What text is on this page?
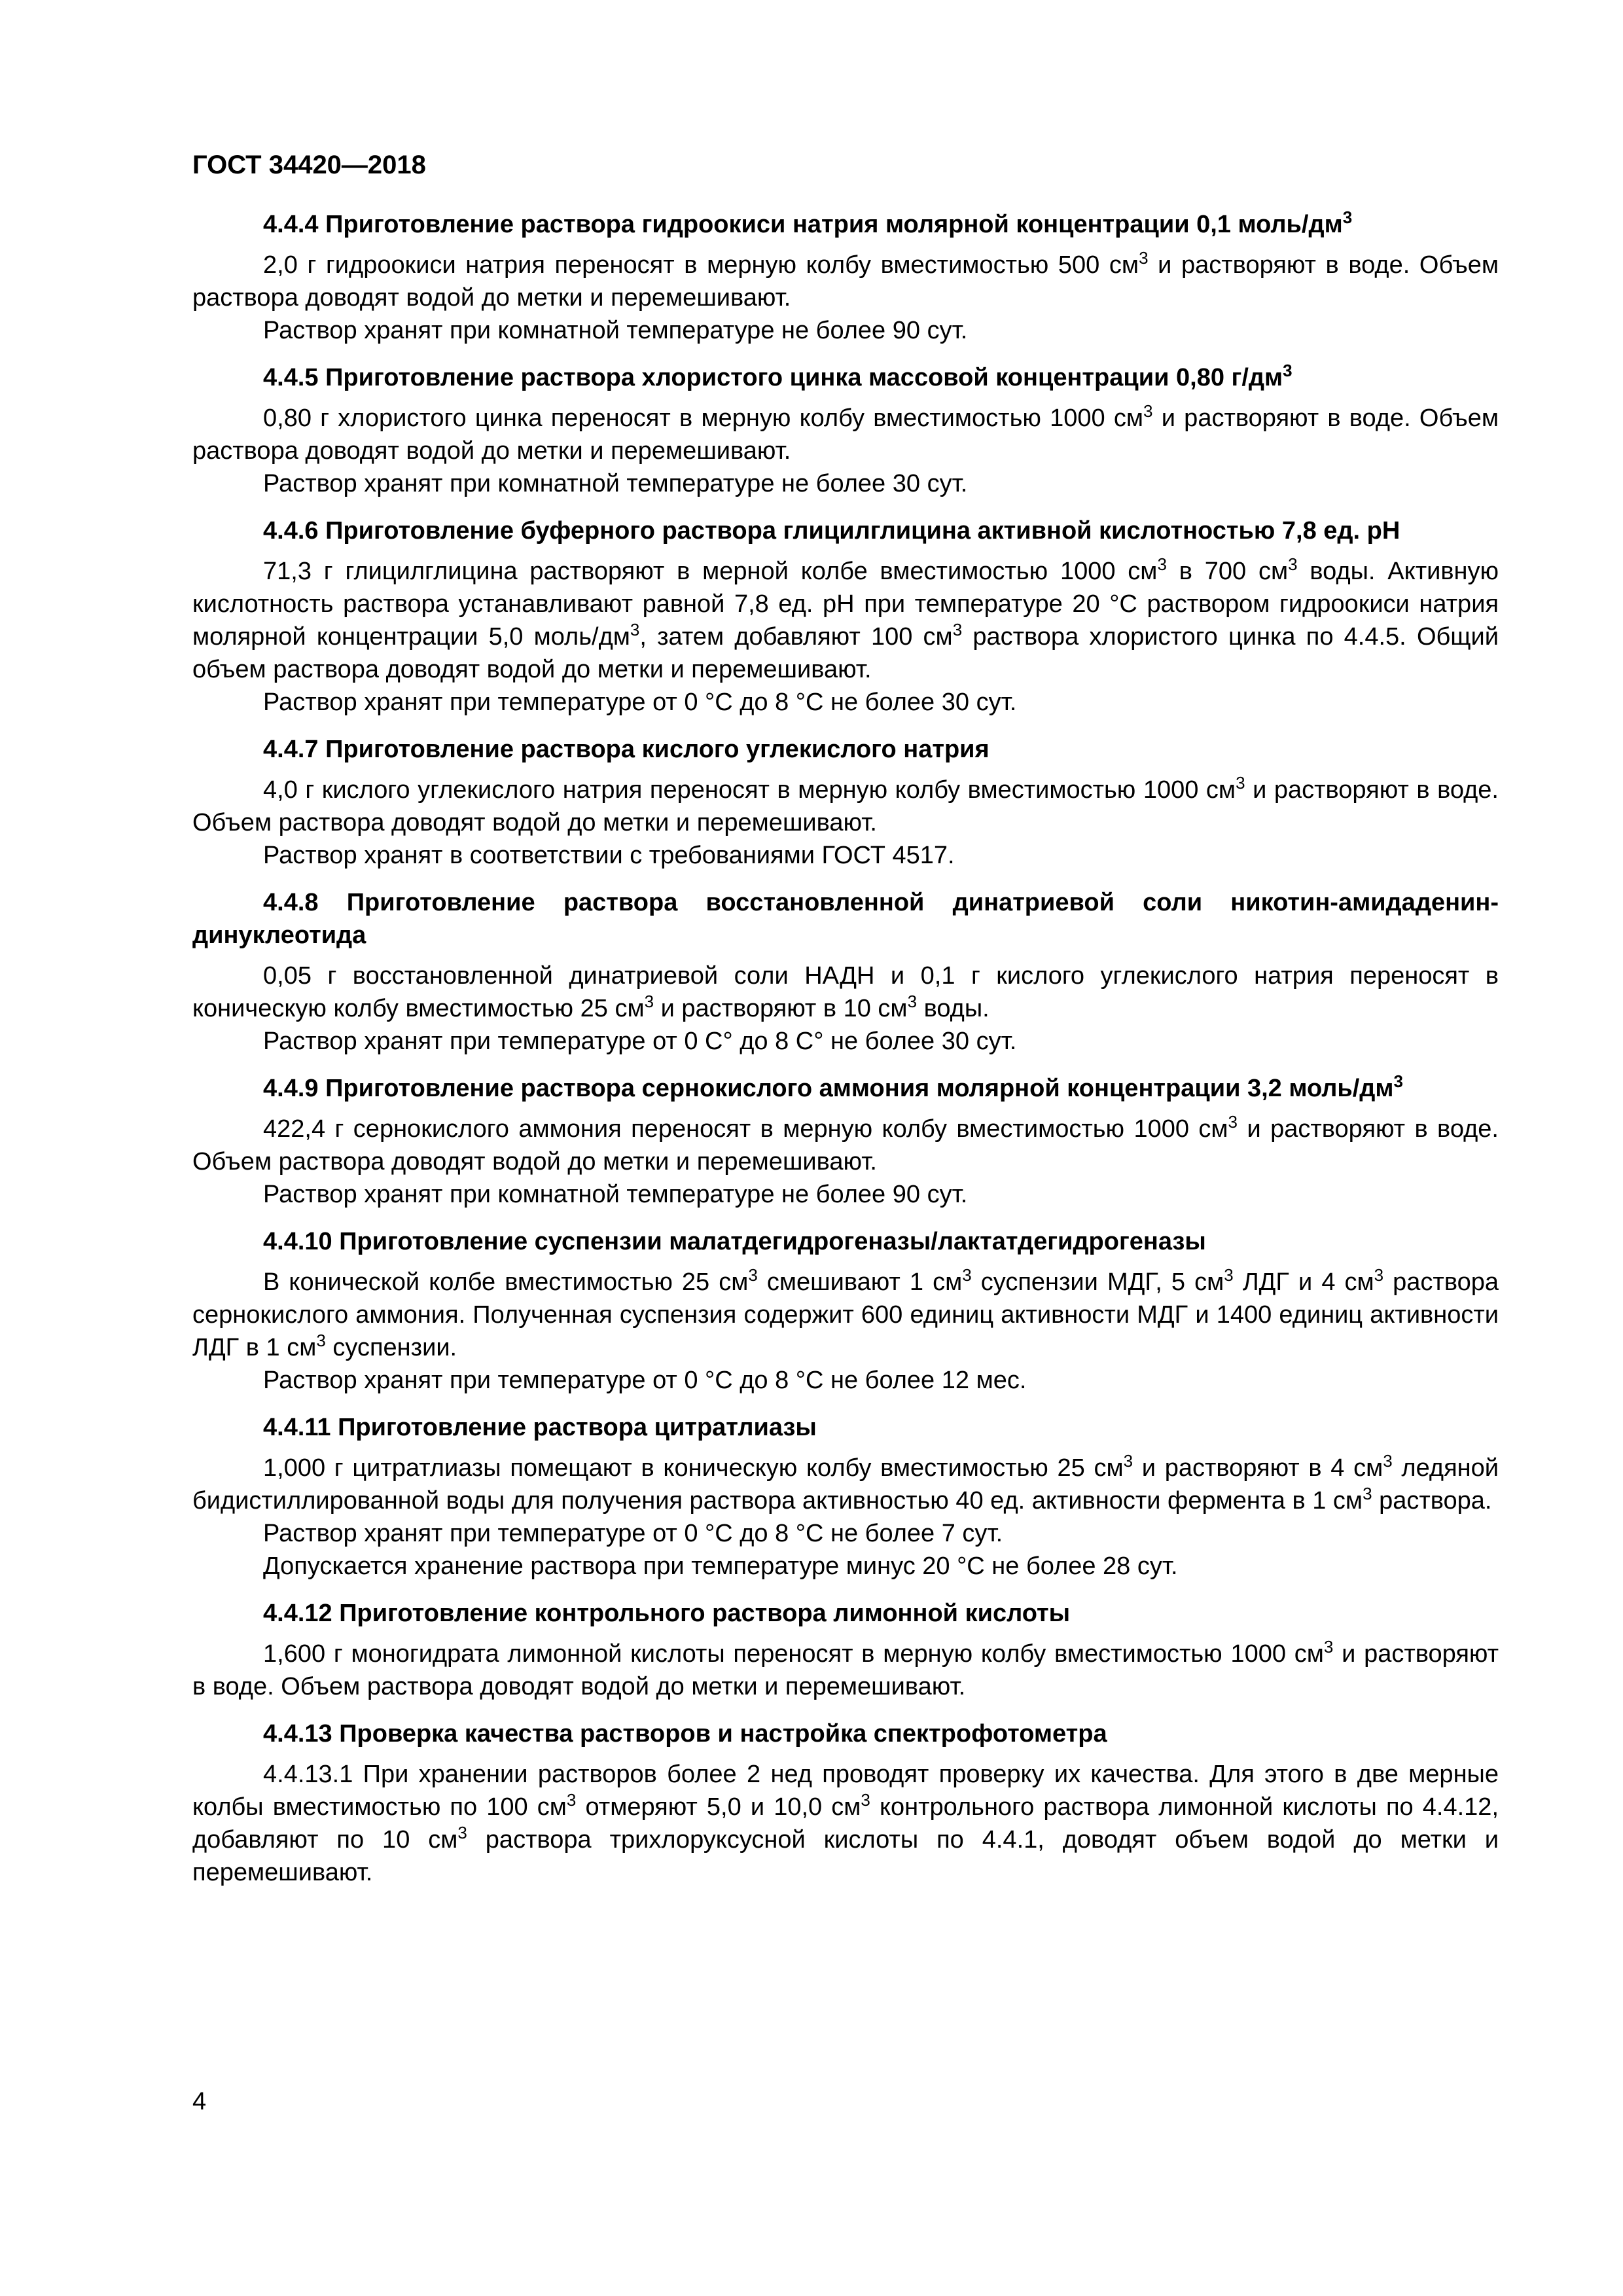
ГОСТ 34420—2018

4.4.4 Приготовление раствора гидроокиси натрия молярной концентрации 0,1 моль/$дм^3$

2,0 г гидроокиси натрия переносят в мерную колбу вместимостью 500 $см^3$ и растворяют в воде. Объем раствора доводят водой до метки и перемешивают.

Раствор хранят при комнатной температуре не более 90 сут.

4.4.5 Приготовление раствора хлористого цинка массовой концентрации 0,80 $г/дм^3$

0,80 г хлористого цинка переносят в мерную колбу вместимостью 1000 $см^3$ и растворяют в воде. Объем раствора доводят водой до метки и перемешивают.

Раствор хранят при комнатной температуре не более 30 сут.

4.4.6 Приготовление буферного раствора глицилглицина активной кислотностью 7,8 ед. pH

71,3 г глицилглицина растворяют в мерной колбе вместимостью 1000 $см^3$ в 700 $см^3$ воды. Активную кислотность раствора устанавливают равной 7,8 ед. pH при температуре 20 °С раствором гидроокиси натрия молярной концентрации 5,0 моль/$дм^3$, затем добавляют 100 $см^3$ раствора хлористого цинка по 4.4.5. Общий объем раствора доводят водой до метки и перемешивают.

Раствор хранят при температуре от 0 °С до 8 °С не более 30 сут.

4.4.7 Приготовление раствора кислого углекислого натрия

4,0 г кислого углекислого натрия переносят в мерную колбу вместимостью 1000 $см^3$ и растворяют в воде. Объем раствора доводят водой до метки и перемешивают.

Раствор хранят в соответствии с требованиями ГОСТ 4517.

4.4.8 Приготовление раствора восстановленной динатриевой соли никотин-амидаденин-динуклеотида

0,05 г восстановленной динатриевой соли НАДН и 0,1 г кислого углекислого натрия переносят в коническую колбу вместимостью 25 $см^3$ и растворяют в 10 $см^3$ воды.

Раствор хранят при температуре от 0 С° до 8 С° не более 30 сут.

4.4.9 Приготовление раствора сернокислого аммония молярной концентрации 3,2 моль/$дм^3$

422,4 г сернокислого аммония переносят в мерную колбу вместимостью 1000 $см^3$ и растворяют в воде. Объем раствора доводят водой до метки и перемешивают.

Раствор хранят при комнатной температуре не более 90 сут.

4.4.10 Приготовление суспензии малатдегидрогеназы/лактатдегидрогеназы

В конической колбе вместимостью 25 $см^3$ смешивают 1 $см^3$ суспензии МДГ, 5 $см^3$ ЛДГ и 4 $см^3$ раствора сернокислого аммония. Полученная суспензия содержит 600 единиц активности МДГ и 1400 единиц активности ЛДГ в 1 $см^3$ суспензии.

Раствор хранят при температуре от 0 °С до 8 °С не более 12 мес.

4.4.11 Приготовление раствора цитратлиазы

1,000 г цитратлиазы помещают в коническую колбу вместимостью 25 $см^3$ и растворяют в 4 $см^3$ ледяной бидистиллированной воды для получения раствора активностью 40 ед. активности фермента в 1 $см^3$ раствора.

Раствор хранят при температуре от 0 °С до 8 °С не более 7 сут.

Допускается хранение раствора при температуре минус 20 °С не более 28 сут.

4.4.12 Приготовление контрольного раствора лимонной кислоты

1,600 г моногидрата лимонной кислоты переносят в мерную колбу вместимостью 1000 $см^3$ и растворяют в воде. Объем раствора доводят водой до метки и перемешивают.

4.4.13 Проверка качества растворов и настройка спектрофотометра

4.4.13.1 При хранении растворов более 2 нед проводят проверку их качества. Для этого в две мерные колбы вместимостью по 100 $см^3$ отмеряют 5,0 и 10,0 $см^3$ контрольного раствора лимонной кислоты по 4.4.12, добавляют по 10 $см^3$ раствора трихлоруксусной кислоты по 4.4.1, доводят объем водой до метки и перемешивают.

4
